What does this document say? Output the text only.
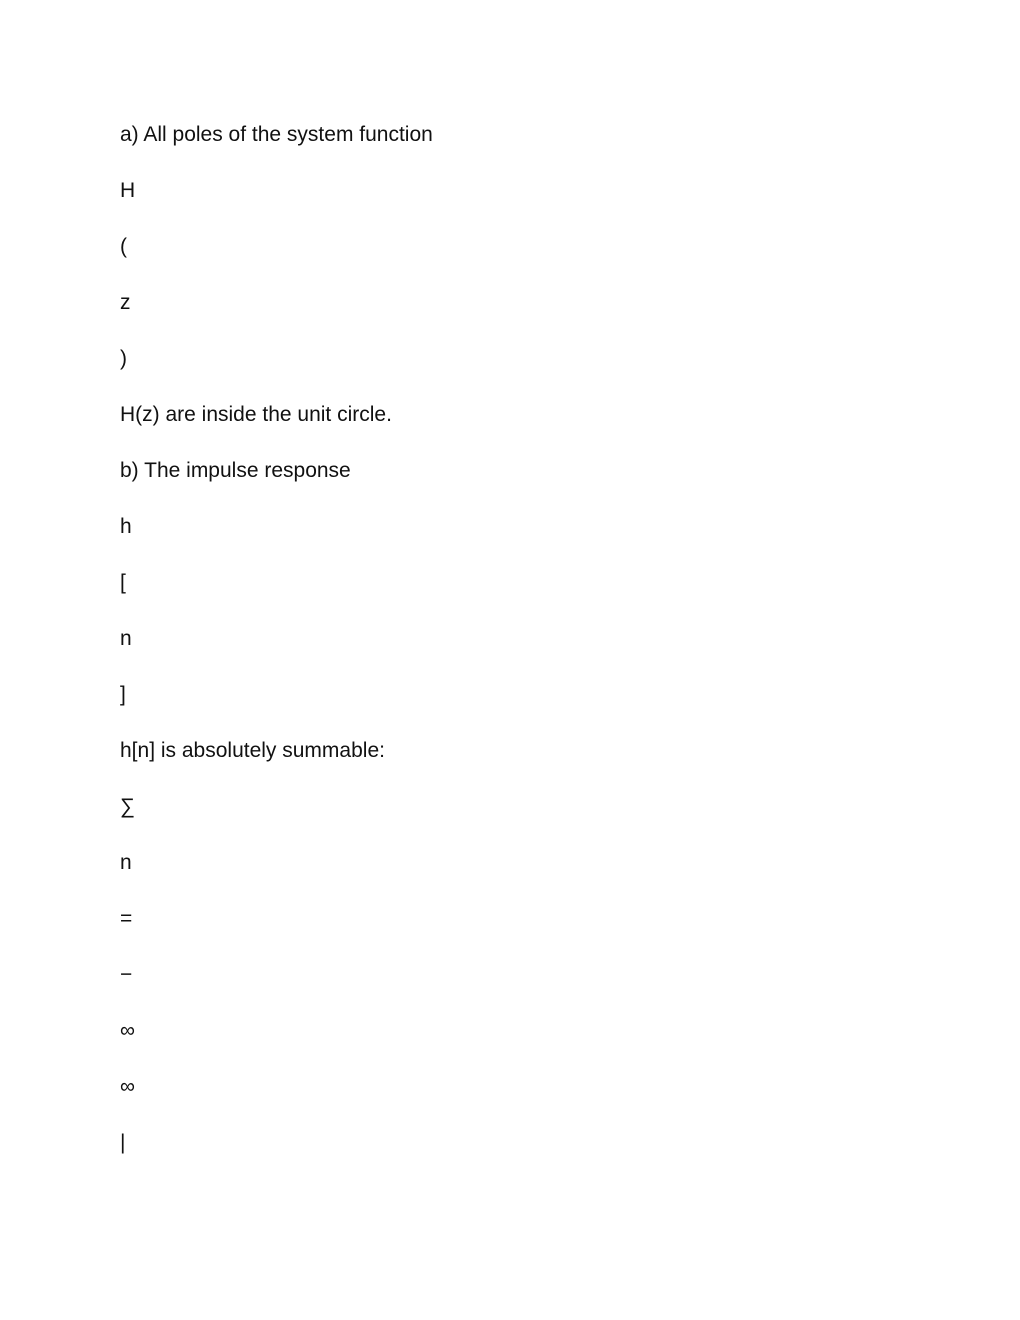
a) All poles of the system function

H

(

z

)

H(z) are inside the unit circle.

b) The impulse response

h

[

n

]

h[n] is absolutely summable:

∑

n

=

−

∞

∞

|
